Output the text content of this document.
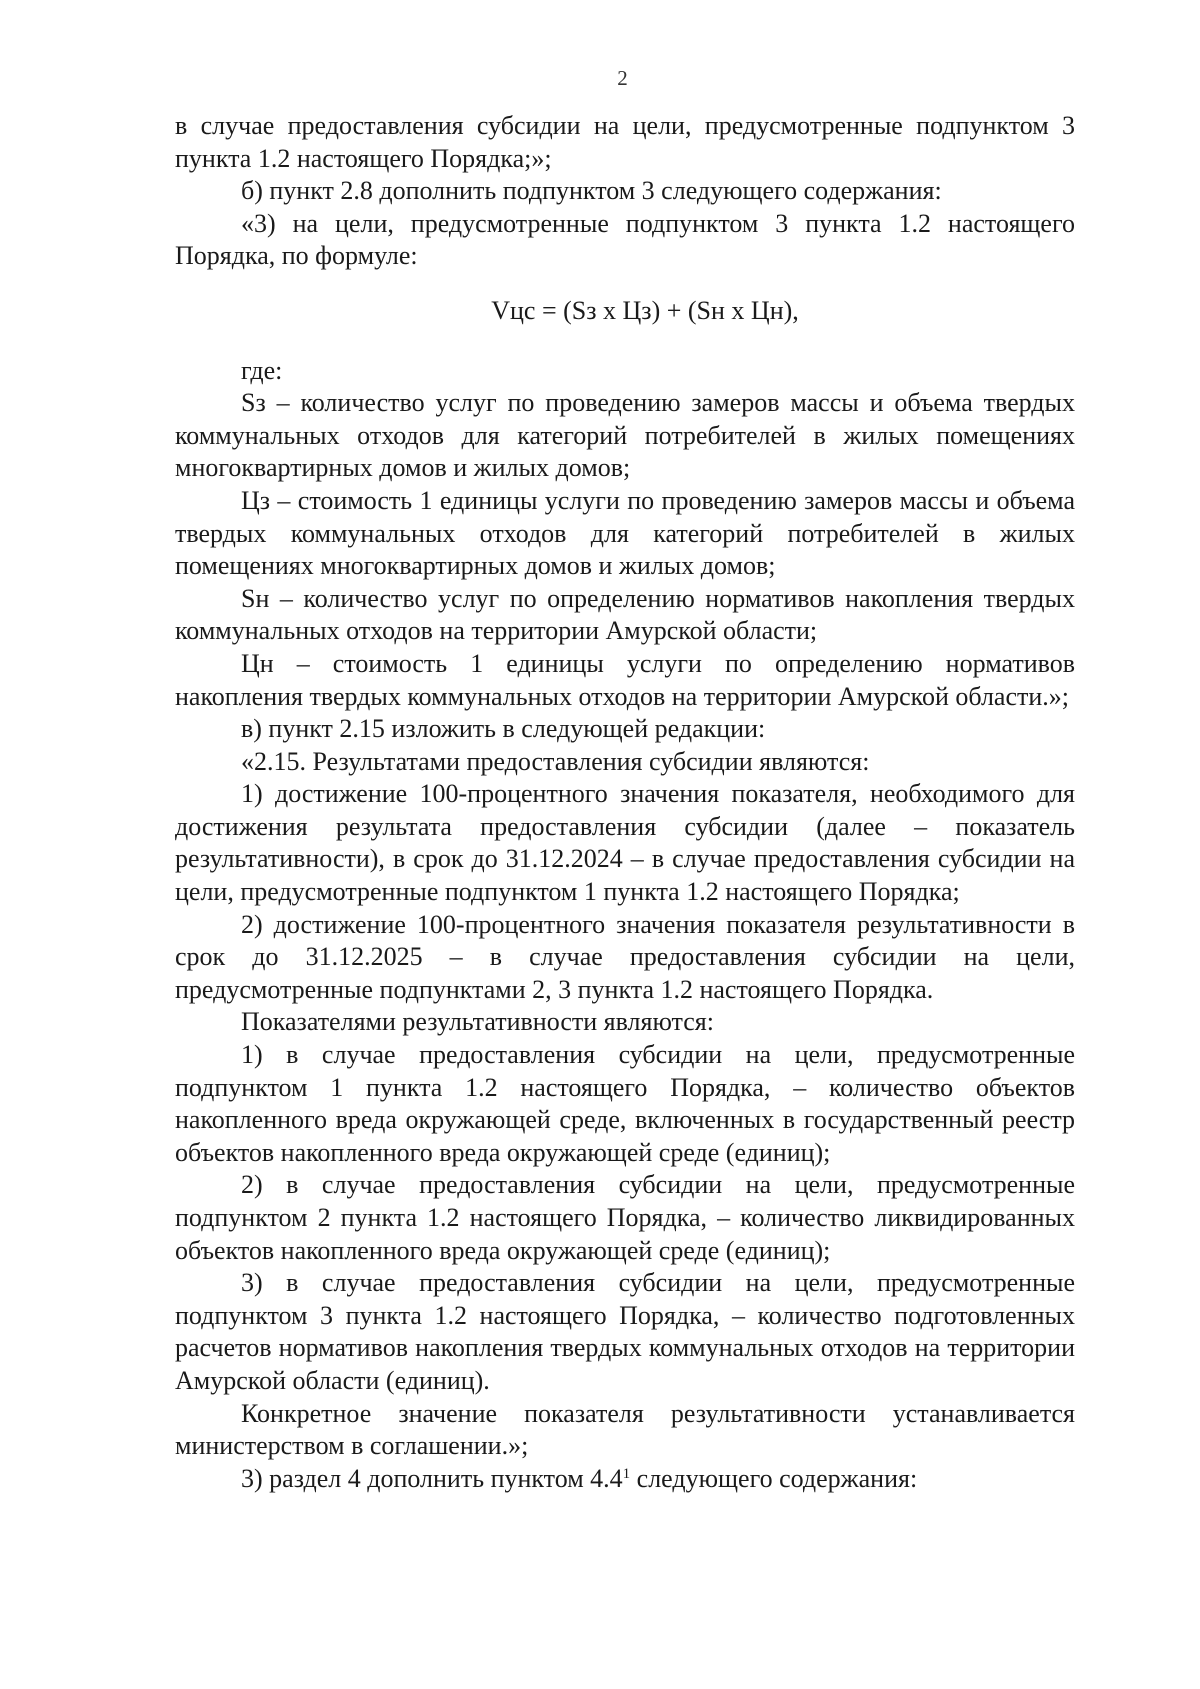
2

в случае предоставления субсидии на цели, предусмотренные подпунктом 3 пункта 1.2 настоящего Порядка;»;

б) пункт 2.8 дополнить подпунктом 3 следующего содержания:

«3) на цели, предусмотренные подпунктом 3 пункта 1.2 настоящего Порядка, по формуле:

Vцс = (Sз х Цз) + (Sн х Цн),

где:

Sз – количество услуг по проведению замеров массы и объема твердых коммунальных отходов для категорий потребителей в жилых помещениях многоквартирных домов и жилых домов;

Цз – стоимость 1 единицы услуги по проведению замеров массы и объема твердых коммунальных отходов для категорий потребителей в жилых помещениях многоквартирных домов и жилых домов;

Sн – количество услуг по определению нормативов накопления твердых коммунальных отходов на территории Амурской области;

Цн – стоимость 1 единицы услуги по определению нормативов накопления твердых коммунальных отходов на территории Амурской области.»;

в) пункт 2.15 изложить в следующей редакции:

«2.15. Результатами предоставления субсидии являются:

1) достижение 100-процентного значения показателя, необходимого для достижения результата предоставления субсидии (далее – показатель результативности), в срок до 31.12.2024 – в случае предоставления субсидии на цели, предусмотренные подпунктом 1 пункта 1.2 настоящего Порядка;

2) достижение 100-процентного значения показателя результативности в срок до 31.12.2025 – в случае предоставления субсидии на цели, предусмотренные подпунктами 2, 3 пункта 1.2 настоящего Порядка.

Показателями результативности являются:

1) в случае предоставления субсидии на цели, предусмотренные подпунктом 1 пункта 1.2 настоящего Порядка, – количество объектов накопленного вреда окружающей среде, включенных в государственный реестр объектов накопленного вреда окружающей среде (единиц);

2) в случае предоставления субсидии на цели, предусмотренные подпунктом 2 пункта 1.2 настоящего Порядка, – количество ликвидированных объектов накопленного вреда окружающей среде (единиц);

3) в случае предоставления субсидии на цели, предусмотренные подпунктом 3 пункта 1.2 настоящего Порядка, – количество подготовленных расчетов нормативов накопления твердых коммунальных отходов на территории Амурской области (единиц).

Конкретное значение показателя результативности устанавливается министерством в соглашении.»;

3) раздел 4 дополнить пунктом $4.4^1$ следующего содержания:
